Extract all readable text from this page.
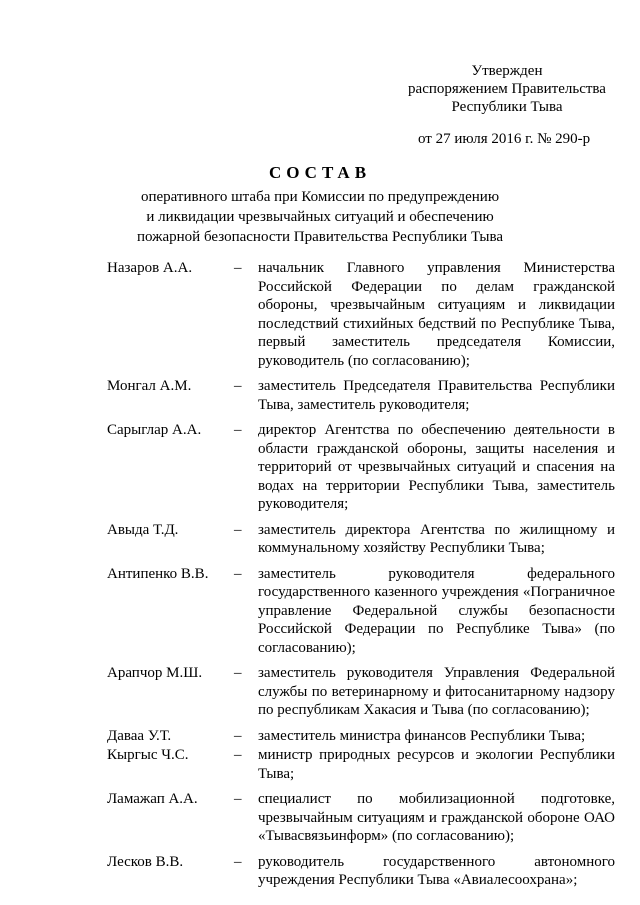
Утвержден
распоряжением Правительства
Республики Тыва
от 27 июля 2016 г. № 290-р
СОСТАВ
оперативного штаба при Комиссии по предупреждению
и ликвидации чрезвычайных ситуаций и обеспечению
пожарной безопасности Правительства Республики Тыва
Назаров А.А.	–	начальник Главного управления Министерства Российской Федерации по делам гражданской обороны, чрезвычайным ситуациям и ликвидации последствий стихийных бедствий по Республике Тыва, первый заместитель председателя Комиссии, руководитель (по согласованию);
Монгал А.М.	–	заместитель Председателя Правительства Республики Тыва, заместитель руководителя;
Сарыглар А.А.	–	директор Агентства по обеспечению деятельности в области гражданской обороны, защиты населения и территорий от чрезвычайных ситуаций и спасения на водах на территории Республики Тыва, заместитель руководителя;
Авыда Т.Д.	–	заместитель директора Агентства по жилищному и коммунальному хозяйству Республики Тыва;
Антипенко В.В.	–	заместитель руководителя федерального государственного казенного учреждения «Пограничное управление Федеральной службы безопасности Российской Федерации по Республике Тыва» (по согласованию);
Арапчор М.Ш.	–	заместитель руководителя Управления Федеральной службы по ветеринарному и фитосанитарному надзору по республикам Хакасия и Тыва (по согласованию);
Даваа У.Т.	–	заместитель министра финансов Республики Тыва;
Кыргыс Ч.С.	–	министр природных ресурсов и экологии Республики Тыва;
Ламажап А.А.	–	специалист по мобилизационной подготовке, чрезвычайным ситуациям и гражданской обороне ОАО «Тывасвязьинформ» (по согласованию);
Лесков В.В.	–	руководитель государственного автономного учреждения Республики Тыва «Авиалесоохрана»;
